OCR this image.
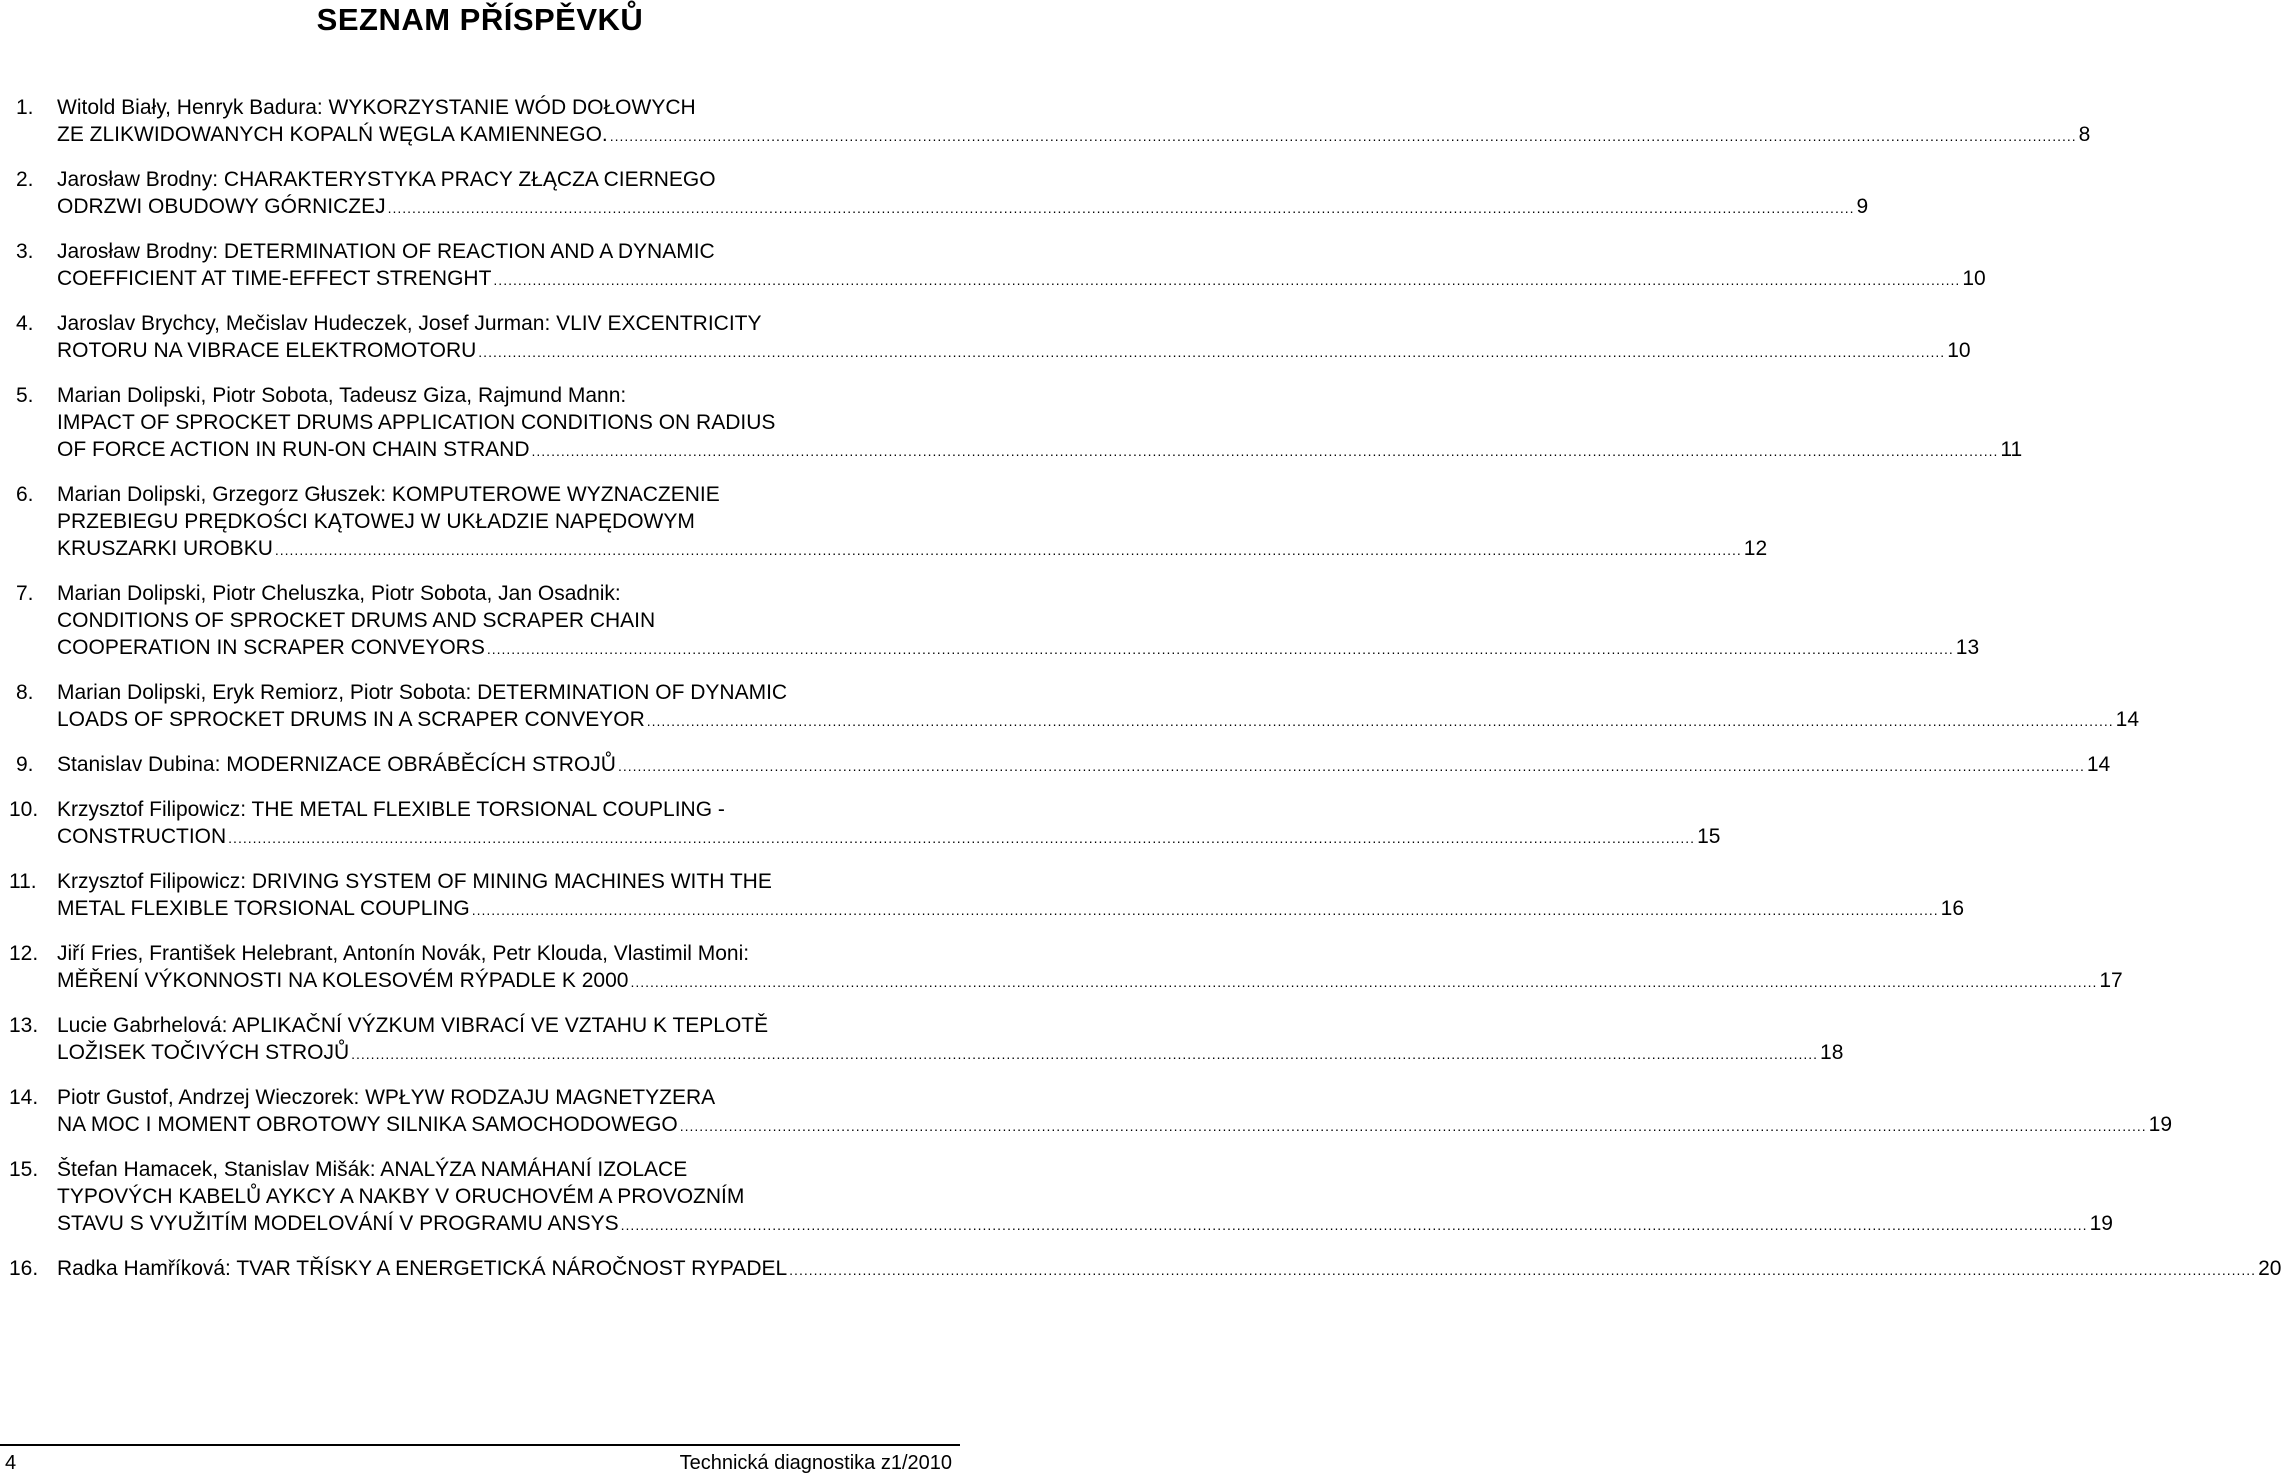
SEZNAM PŘÍSPĚVKŮ
1. Witold Biały, Henryk Badura: WYKORZYSTANIE WÓD DOŁOWYCH
ZE ZLIKWIDOWANYCH KOPALŃ WĘGLA KAMIENNEGO. ............................................................................................................................................................................................................................................................................................................ 8
2. Jarosław Brodny: CHARAKTERYSTYKA PRACY ZŁĄCZA CIERNEGO
ODRZWI OBUDOWY GÓRNICZEJ ............................................................................................................................................................................................................................................................................................................ 9
3. Jarosław Brodny: DETERMINATION OF REACTION AND A DYNAMIC
COEFFICIENT AT TIME-EFFECT STRENGHT ............................................................................................................................................................................................................................................................................................................ 10
4. Jaroslav Brychcy, Mečislav Hudeczek, Josef Jurman: VLIV EXCENTRICITY
ROTORU NA VIBRACE ELEKTROMOTORU ............................................................................................................................................................................................................................................................................................................ 10
5. Marian Dolipski, Piotr Sobota, Tadeusz Giza, Rajmund Mann:
IMPACT OF SPROCKET DRUMS APPLICATION CONDITIONS ON RADIUS
OF FORCE ACTION IN RUN-ON CHAIN STRAND ............................................................................................................................................................................................................................................................................................................ 11
6. Marian Dolipski, Grzegorz Głuszek: KOMPUTEROWE WYZNACZENIE
PRZEBIEGU PRĘDKOŚCI KĄTOWEJ W UKŁADZIE NAPĘDOWYM
KRUSZARKI UROBKU ............................................................................................................................................................................................................................................................................................................ 12
7. Marian Dolipski, Piotr Cheluszka, Piotr Sobota, Jan Osadnik:
CONDITIONS OF SPROCKET DRUMS AND SCRAPER CHAIN
COOPERATION IN SCRAPER CONVEYORS ............................................................................................................................................................................................................................................................................................................ 13
8. Marian Dolipski, Eryk Remiorz, Piotr Sobota: DETERMINATION OF DYNAMIC
LOADS OF SPROCKET DRUMS IN A SCRAPER CONVEYOR ............................................................................................................................................................................................................................................................................................................ 14
9. Stanislav Dubina: MODERNIZACE OBRÁBĚCÍCH STROJŮ ............................................................................................................................................................................................................................................................................................................ 14
10. Krzysztof Filipowicz: THE METAL FLEXIBLE TORSIONAL COUPLING -
CONSTRUCTION ............................................................................................................................................................................................................................................................................................................ 15
11. Krzysztof Filipowicz: DRIVING SYSTEM OF MINING MACHINES WITH THE
METAL FLEXIBLE TORSIONAL COUPLING ............................................................................................................................................................................................................................................................................................................ 16
12. Jiří Fries, František Helebrant, Antonín Novák, Petr Klouda, Vlastimil Moni:
MĚŘENÍ VÝKONNOSTI NA KOLESOVÉM RÝPADLE K 2000 ............................................................................................................................................................................................................................................................................................................ 17
13. Lucie Gabrhelová: APLIKAČNÍ VÝZKUM VIBRACÍ VE VZTAHU K TEPLOTĚ
LOŽISEK TOČIVÝCH STROJŮ ............................................................................................................................................................................................................................................................................................................ 18
14. Piotr Gustof, Andrzej Wieczorek: WPŁYW RODZAJU MAGNETYZERA
NA MOC I MOMENT OBROTOWY SILNIKA SAMOCHODOWEGO ............................................................................................................................................................................................................................................................................................................ 19
15. Štefan Hamacek, Stanislav Mišák: ANALÝZA NAMÁHANÍ IZOLACE
TYPOVÝCH KABELŮ AYKCY A NAKBY V ORUCHOVÉM A PROVOZNÍM
STAVU S VYUŽITÍM MODELOVÁNÍ V PROGRAMU ANSYS ............................................................................................................................................................................................................................................................................................................ 19
16. Radka Hamříková: TVAR TŘÍSKY A ENERGETICKÁ NÁROČNOST RYPADEL ............................................................................................................................................................................................................................................................................................................ 20
4	Technická diagnostika z1/2010
